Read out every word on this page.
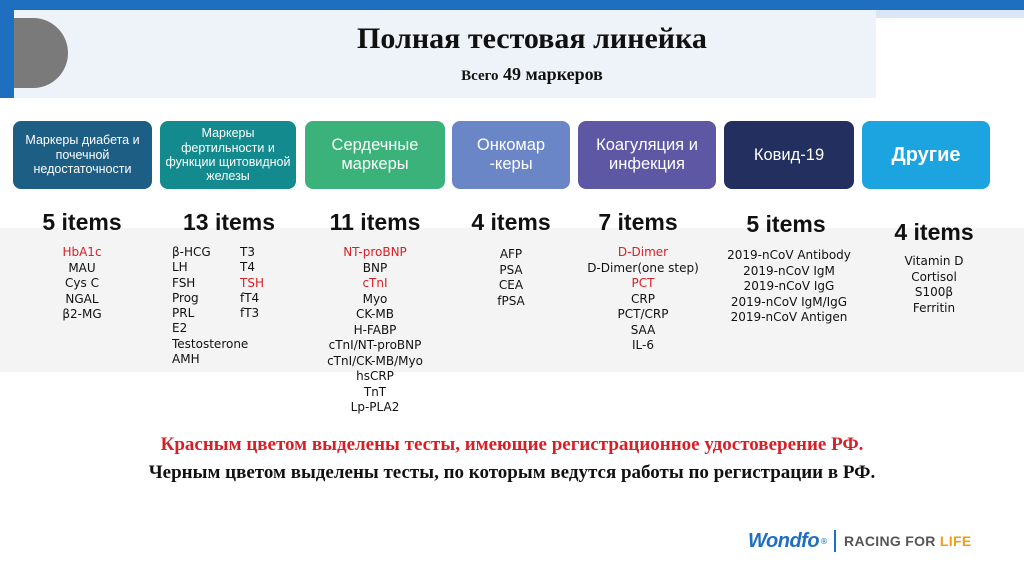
Полная тестовая линейка
Всего 49 маркеров
Маркеры диабета и почечной недостаточности
Маркеры фертильности и функции щитовидной железы
Сердечные маркеры
Онкомар -керы
Коагуляция и инфекция
Ковид-19	Другие
5 items
HbA1c
MAU
Cys C
NGAL
β2-MG
13 items
β-HCG	T3
LH	T4
FSH	TSH
Prog	fT4
PRL	fT3
E2
Testosterone
AMH
11 items
NT-proBNP
BNP
cTnI
Myo
CK-MB
H-FABP
cTnI/NT-proBNP
cTnI/CK-MB/Myo
hsCRP
TnT
Lp-PLA2
4 items
AFP
PSA
CEA
fPSA
7 items
D-Dimer
D-Dimer(one step)
PCT
CRP
PCT/CRP
SAA
IL-6
5 items
2019-nCoV Antibody
2019-nCoV IgM
2019-nCoV IgG
2019-nCoV IgM/IgG
2019-nCoV Antigen
4 items
Vitamin D
Cortisol
S100β
Ferritin
Красным цветом выделены тесты, имеющие регистрационное удостоверение РФ.
Черным цветом выделены тесты, по которым ведутся работы по регистрации в РФ.
Wondfo ® RACING FOR LIFE
